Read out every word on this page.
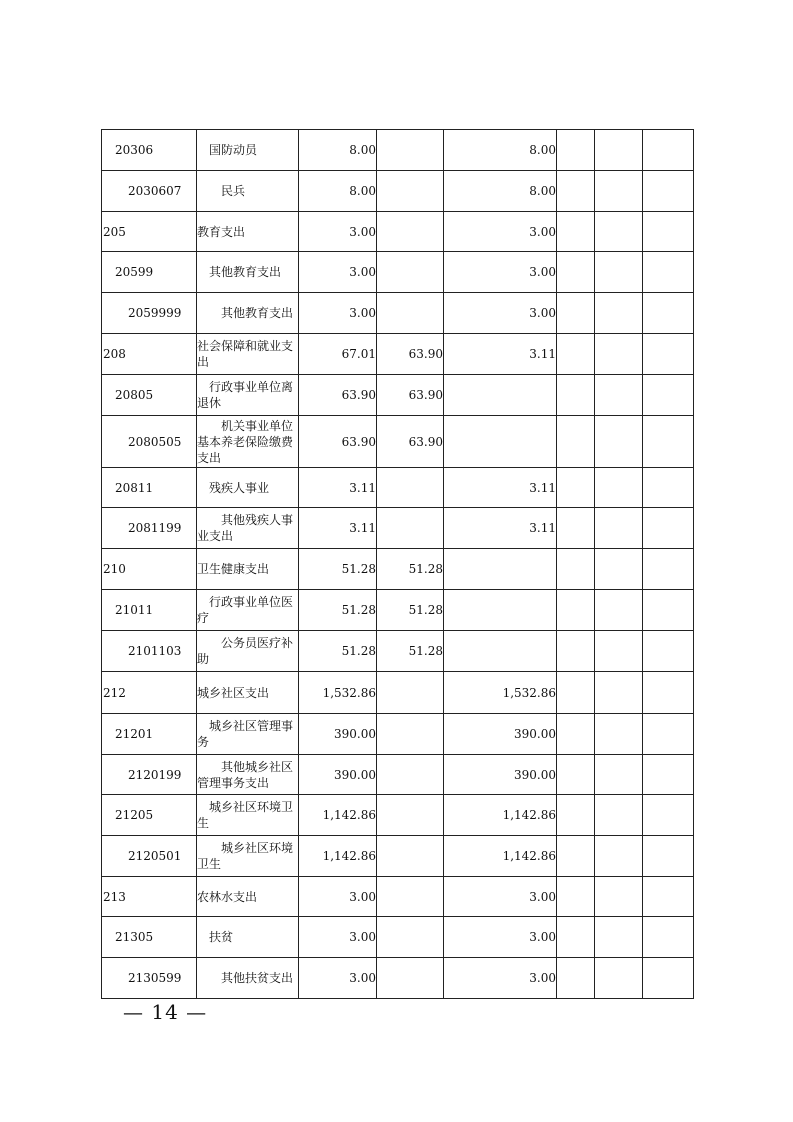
20306	国防动员	8.00		8.00			
2030607	民兵	8.00		8.00			
205	教育支出	3.00		3.00			
20599	其他教育支出	3.00		3.00			
2059999	其他教育支出	3.00		3.00			
208	社会保障和就业支出	67.01	63.90	3.11			
20805	行政事业单位离退休	63.90	63.90				
2080505	机关事业单位基本养老保险缴费支出	63.90	63.90				
20811	残疾人事业	3.11		3.11			
2081199	其他残疾人事业支出	3.11		3.11			
210	卫生健康支出	51.28	51.28				
21011	行政事业单位医疗	51.28	51.28				
2101103	公务员医疗补助	51.28	51.28				
212	城乡社区支出	1,532.86		1,532.86			
21201	城乡社区管理事务	390.00		390.00			
2120199	其他城乡社区管理事务支出	390.00		390.00			
21205	城乡社区环境卫生	1,142.86		1,142.86			
2120501	城乡社区环境卫生	1,142.86		1,142.86			
213	农林水支出	3.00		3.00			
21305	扶贫	3.00		3.00			
2130599	其他扶贫支出	3.00		3.00			
— 14 —
